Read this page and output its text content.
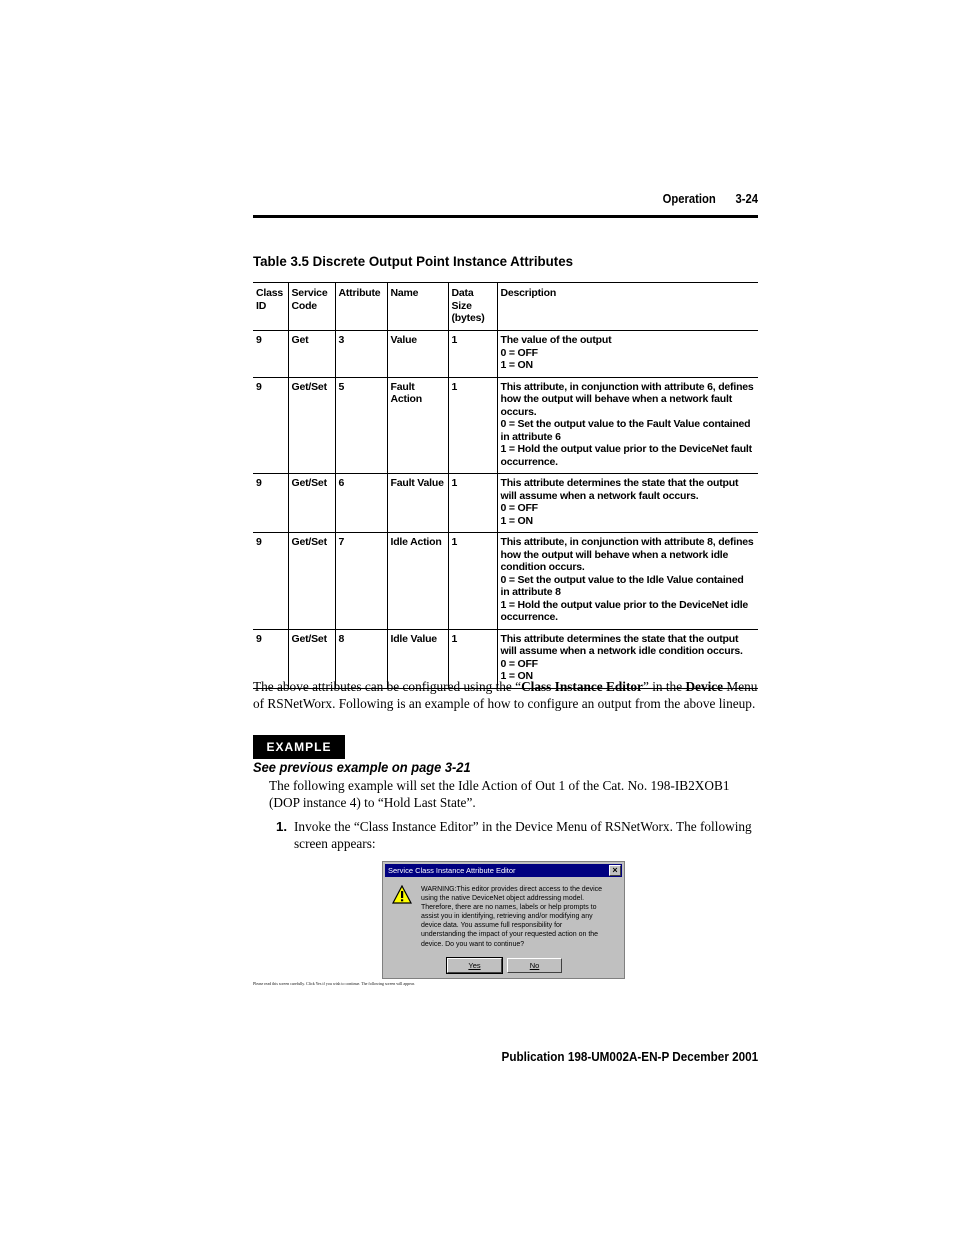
Operation 3-24
Table 3.5 Discrete Output Point Instance Attributes
Class ID	Service Code	Attribute	Name	Data Size (bytes)	Description
9	Get	3	Value	1	The value of the output
0 = OFF
1 = ON

9	Get/Set	5	Fault Action	1	This attribute, in conjunction with attribute 6, defines how the output will behave when a network fault occurs.
0 = Set the output value to the Fault Value contained in attribute 6
1 = Hold the output value prior to the DeviceNet fault occurrence.

9	Get/Set	6	Fault Value	1	This attribute determines the state that the output will assume when a network fault occurs.
0 = OFF
1 = ON

9	Get/Set	7	Idle Action	1	This attribute, in conjunction with attribute 8, defines how the output will behave when a network idle condition occurs.
0 = Set the output value to the Idle Value contained in attribute 8
1 = Hold the output value prior to the DeviceNet idle occurrence.

9	Get/Set	8	Idle Value	1	This attribute determines the state that the output will assume when a network idle condition occurs.
0 = OFF
1 = ON
The above attributes can be configured using the “Class Instance Editor” in the Device Menu of RSNetWorx. Following is an example of how to configure an output from the above lineup.
EXAMPLE
See previous example on page 3-21
The following example will set the Idle Action of Out 1 of the Cat. No. 198-IB2XOB1 (DOP instance 4) to “Hold Last State”.
1. Invoke the “Class Instance Editor” in the Device Menu of RSNetWorx. The following screen appears:
Service Class Instance Attribute Editor	×
WARNING:This editor provides direct access to the device
using the native DeviceNet object addressing model.
Therefore, there are no names, labels or help prompts to
assist you in identifying, retrieving and/or modifying any
device data. You assume full responsibility for
understanding the impact of your requested action on the
device. Do you want to continue?
Yes	No
Please read this screen carefully. Click Yes if you wish to continue. The following screen will appear.
Publication 198-UM002A-EN-P December 2001
